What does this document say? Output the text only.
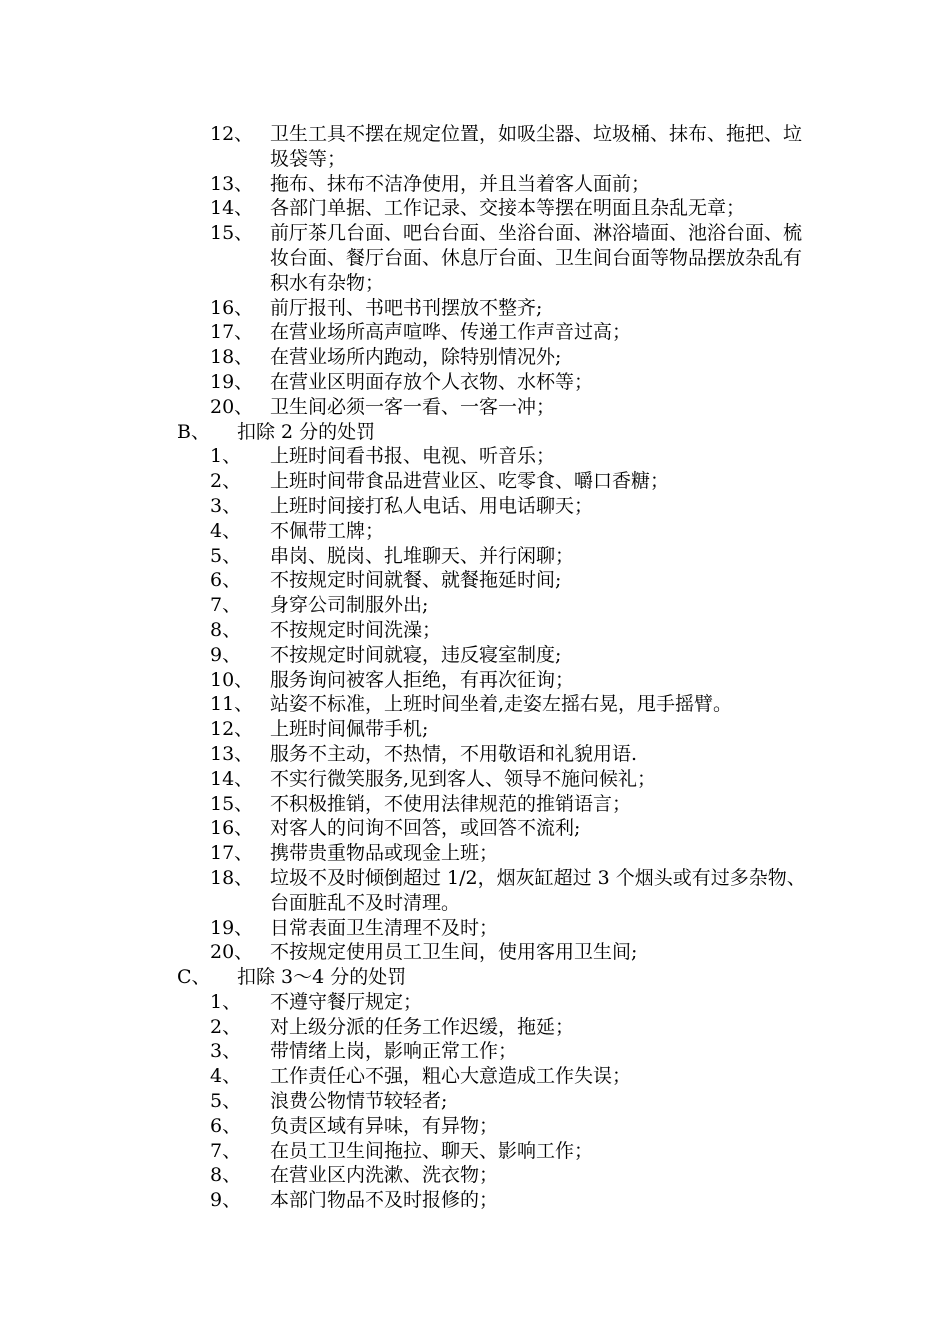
12、 卫生工具不摆在规定位置，如吸尘器、垃圾桶、抹布、拖把、垃圾袋等；
13、 拖布、抹布不洁净使用，并且当着客人面前；
14、 各部门单据、工作记录、交接本等摆在明面且杂乱无章；
15、 前厅茶几台面、吧台台面、坐浴台面、淋浴墙面、池浴台面、梳妆台面、餐厅台面、休息厅台面、卫生间台面等物品摆放杂乱有积水有杂物；
16、 前厅报刊、书吧书刊摆放不整齐;
17、 在营业场所高声喧哗、传递工作声音过高；
18、 在营业场所内跑动，除特别情况外;
19、 在营业区明面存放个人衣物、水杯等；
20、 卫生间必须一客一看、一客一冲；
B、 扣除 2 分的处罚
1、 上班时间看书报、电视、听音乐；
2、 上班时间带食品进营业区、吃零食、嚼口香糖；
3、 上班时间接打私人电话、用电话聊天；
4、 不佩带工牌；
5、 串岗、脱岗、扎堆聊天、并行闲聊；
6、 不按规定时间就餐、就餐拖延时间;
7、 身穿公司制服外出;
8、 不按规定时间洗澡；
9、 不按规定时间就寝，违反寝室制度;
10、 服务询问被客人拒绝，有再次征询；
11、 站姿不标准，上班时间坐着,走姿左摇右晃，甩手摇臂。
12、 上班时间佩带手机;
13、 服务不主动，不热情，不用敬语和礼貌用语.
14、 不实行微笑服务,见到客人、领导不施问候礼；
15、 不积极推销，不使用法律规范的推销语言；
16、 对客人的问询不回答，或回答不流利;
17、 携带贵重物品或现金上班；
18、 垃圾不及时倾倒超过 1/2，烟灰缸超过 3 个烟头或有过多杂物、台面脏乱不及时清理。
19、 日常表面卫生清理不及时；
20、 不按规定使用员工卫生间，使用客用卫生间;
C、 扣除 3～4 分的处罚
1、 不遵守餐厅规定；
2、 对上级分派的任务工作迟缓，拖延；
3、 带情绪上岗，影响正常工作；
4、 工作责任心不强，粗心大意造成工作失误；
5、 浪费公物情节较轻者;
6、 负责区域有异味，有异物；
7、 在员工卫生间拖拉、聊天、影响工作；
8、 在营业区内洗漱、洗衣物；
9、 本部门物品不及时报修的；
